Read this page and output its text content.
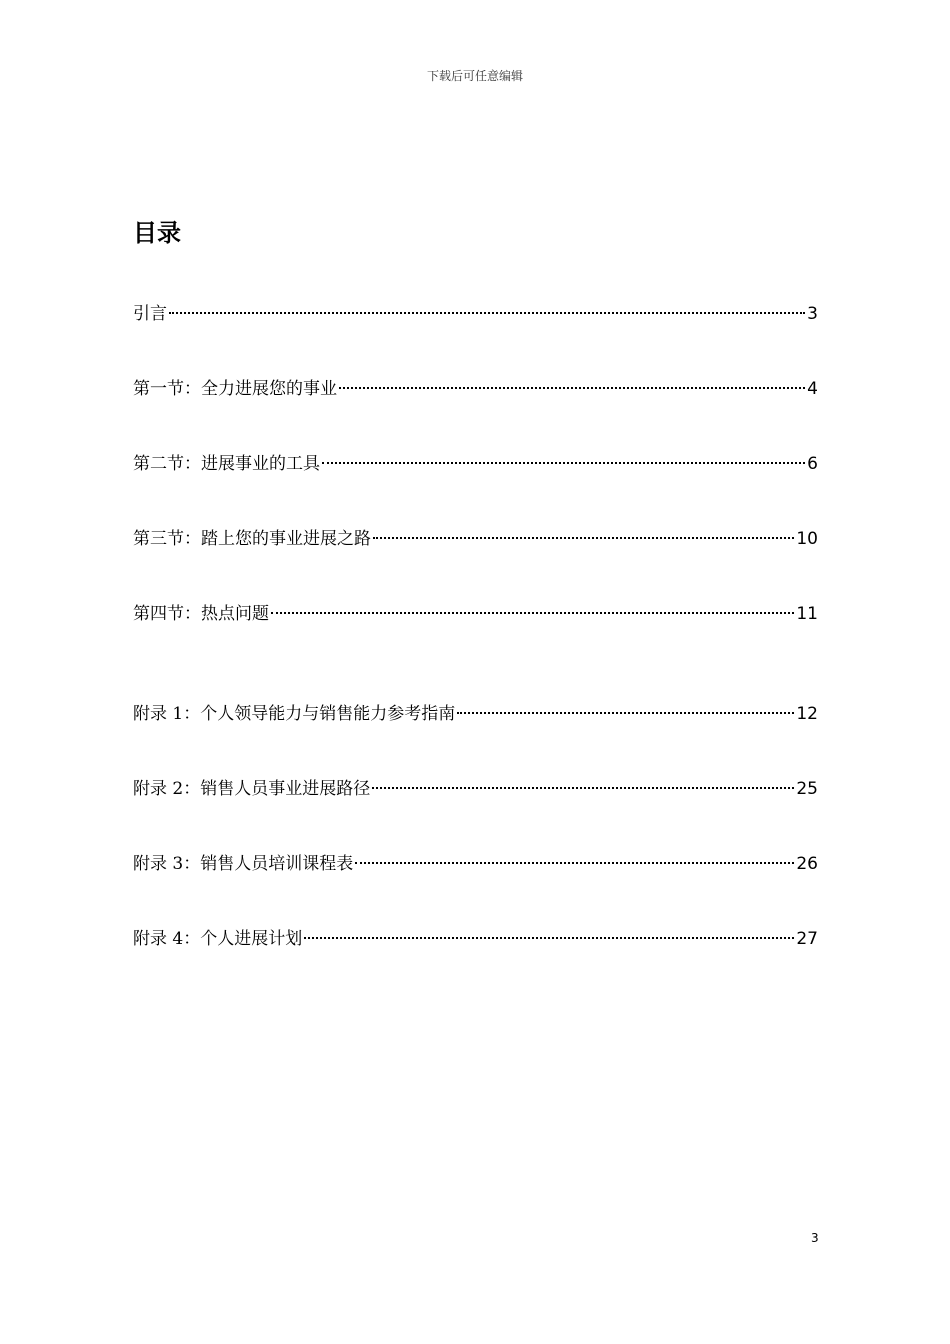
下载后可任意编辑
目录
引言	3
第一节：全力进展您的事业	4
第二节：进展事业的工具	6
第三节：踏上您的事业进展之路	10
第四节：热点问题	11
附录 1：个人领导能力与销售能力参考指南	12
附录 2：销售人员事业进展路径	25
附录 3：销售人员培训课程表	26
附录 4：个人进展计划	27
3
